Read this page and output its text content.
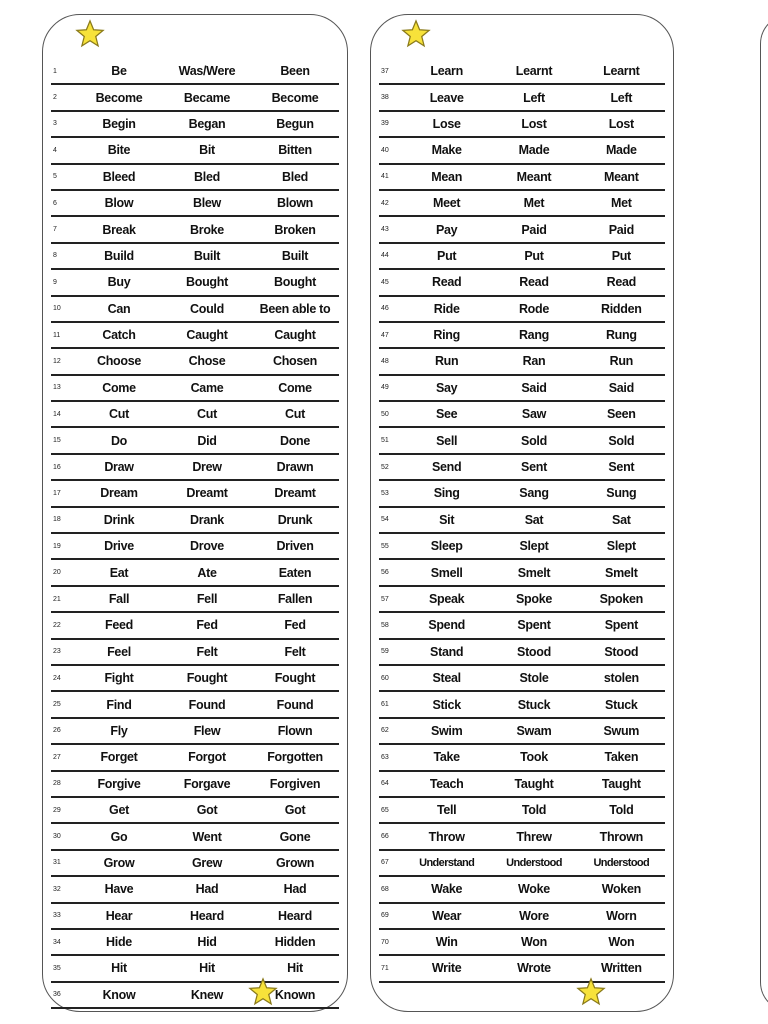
1	Be	Was/Were	Been
2	Become	Became	Become
3	Begin	Began	Begun
4	Bite	Bit	Bitten
5	Bleed	Bled	Bled
6	Blow	Blew	Blown
7	Break	Broke	Broken
8	Build	Built	Built
9	Buy	Bought	Bought
10	Can	Could	Been able to
11	Catch	Caught	Caught
12	Choose	Chose	Chosen
13	Come	Came	Come
14	Cut	Cut	Cut
15	Do	Did	Done
16	Draw	Drew	Drawn
17	Dream	Dreamt	Dreamt
18	Drink	Drank	Drunk
19	Drive	Drove	Driven
20	Eat	Ate	Eaten
21	Fall	Fell	Fallen
22	Feed	Fed	Fed
23	Feel	Felt	Felt
24	Fight	Fought	Fought
25	Find	Found	Found
26	Fly	Flew	Flown
27	Forget	Forgot	Forgotten
28	Forgive	Forgave	Forgiven
29	Get	Got	Got
30	Go	Went	Gone
31	Grow	Grew	Grown
32	Have	Had	Had
33	Hear	Heard	Heard
34	Hide	Hid	Hidden
35	Hit	Hit	Hit
36	Know	Knew	Known
37	Learn	Learnt	Learnt
38	Leave	Left	Left
39	Lose	Lost	Lost
40	Make	Made	Made
41	Mean	Meant	Meant
42	Meet	Met	Met
43	Pay	Paid	Paid
44	Put	Put	Put
45	Read	Read	Read
46	Ride	Rode	Ridden
47	Ring	Rang	Rung
48	Run	Ran	Run
49	Say	Said	Said
50	See	Saw	Seen
51	Sell	Sold	Sold
52	Send	Sent	Sent
53	Sing	Sang	Sung
54	Sit	Sat	Sat
55	Sleep	Slept	Slept
56	Smell	Smelt	Smelt
57	Speak	Spoke	Spoken
58	Spend	Spent	Spent
59	Stand	Stood	Stood
60	Steal	Stole	stolen
61	Stick	Stuck	Stuck
62	Swim	Swam	Swum
63	Take	Took	Taken
64	Teach	Taught	Taught
65	Tell	Told	Told
66	Throw	Threw	Thrown
67	Understand	Understood	Understood
68	Wake	Woke	Woken
69	Wear	Wore	Worn
70	Win	Won	Won
71	Write	Wrote	Written
